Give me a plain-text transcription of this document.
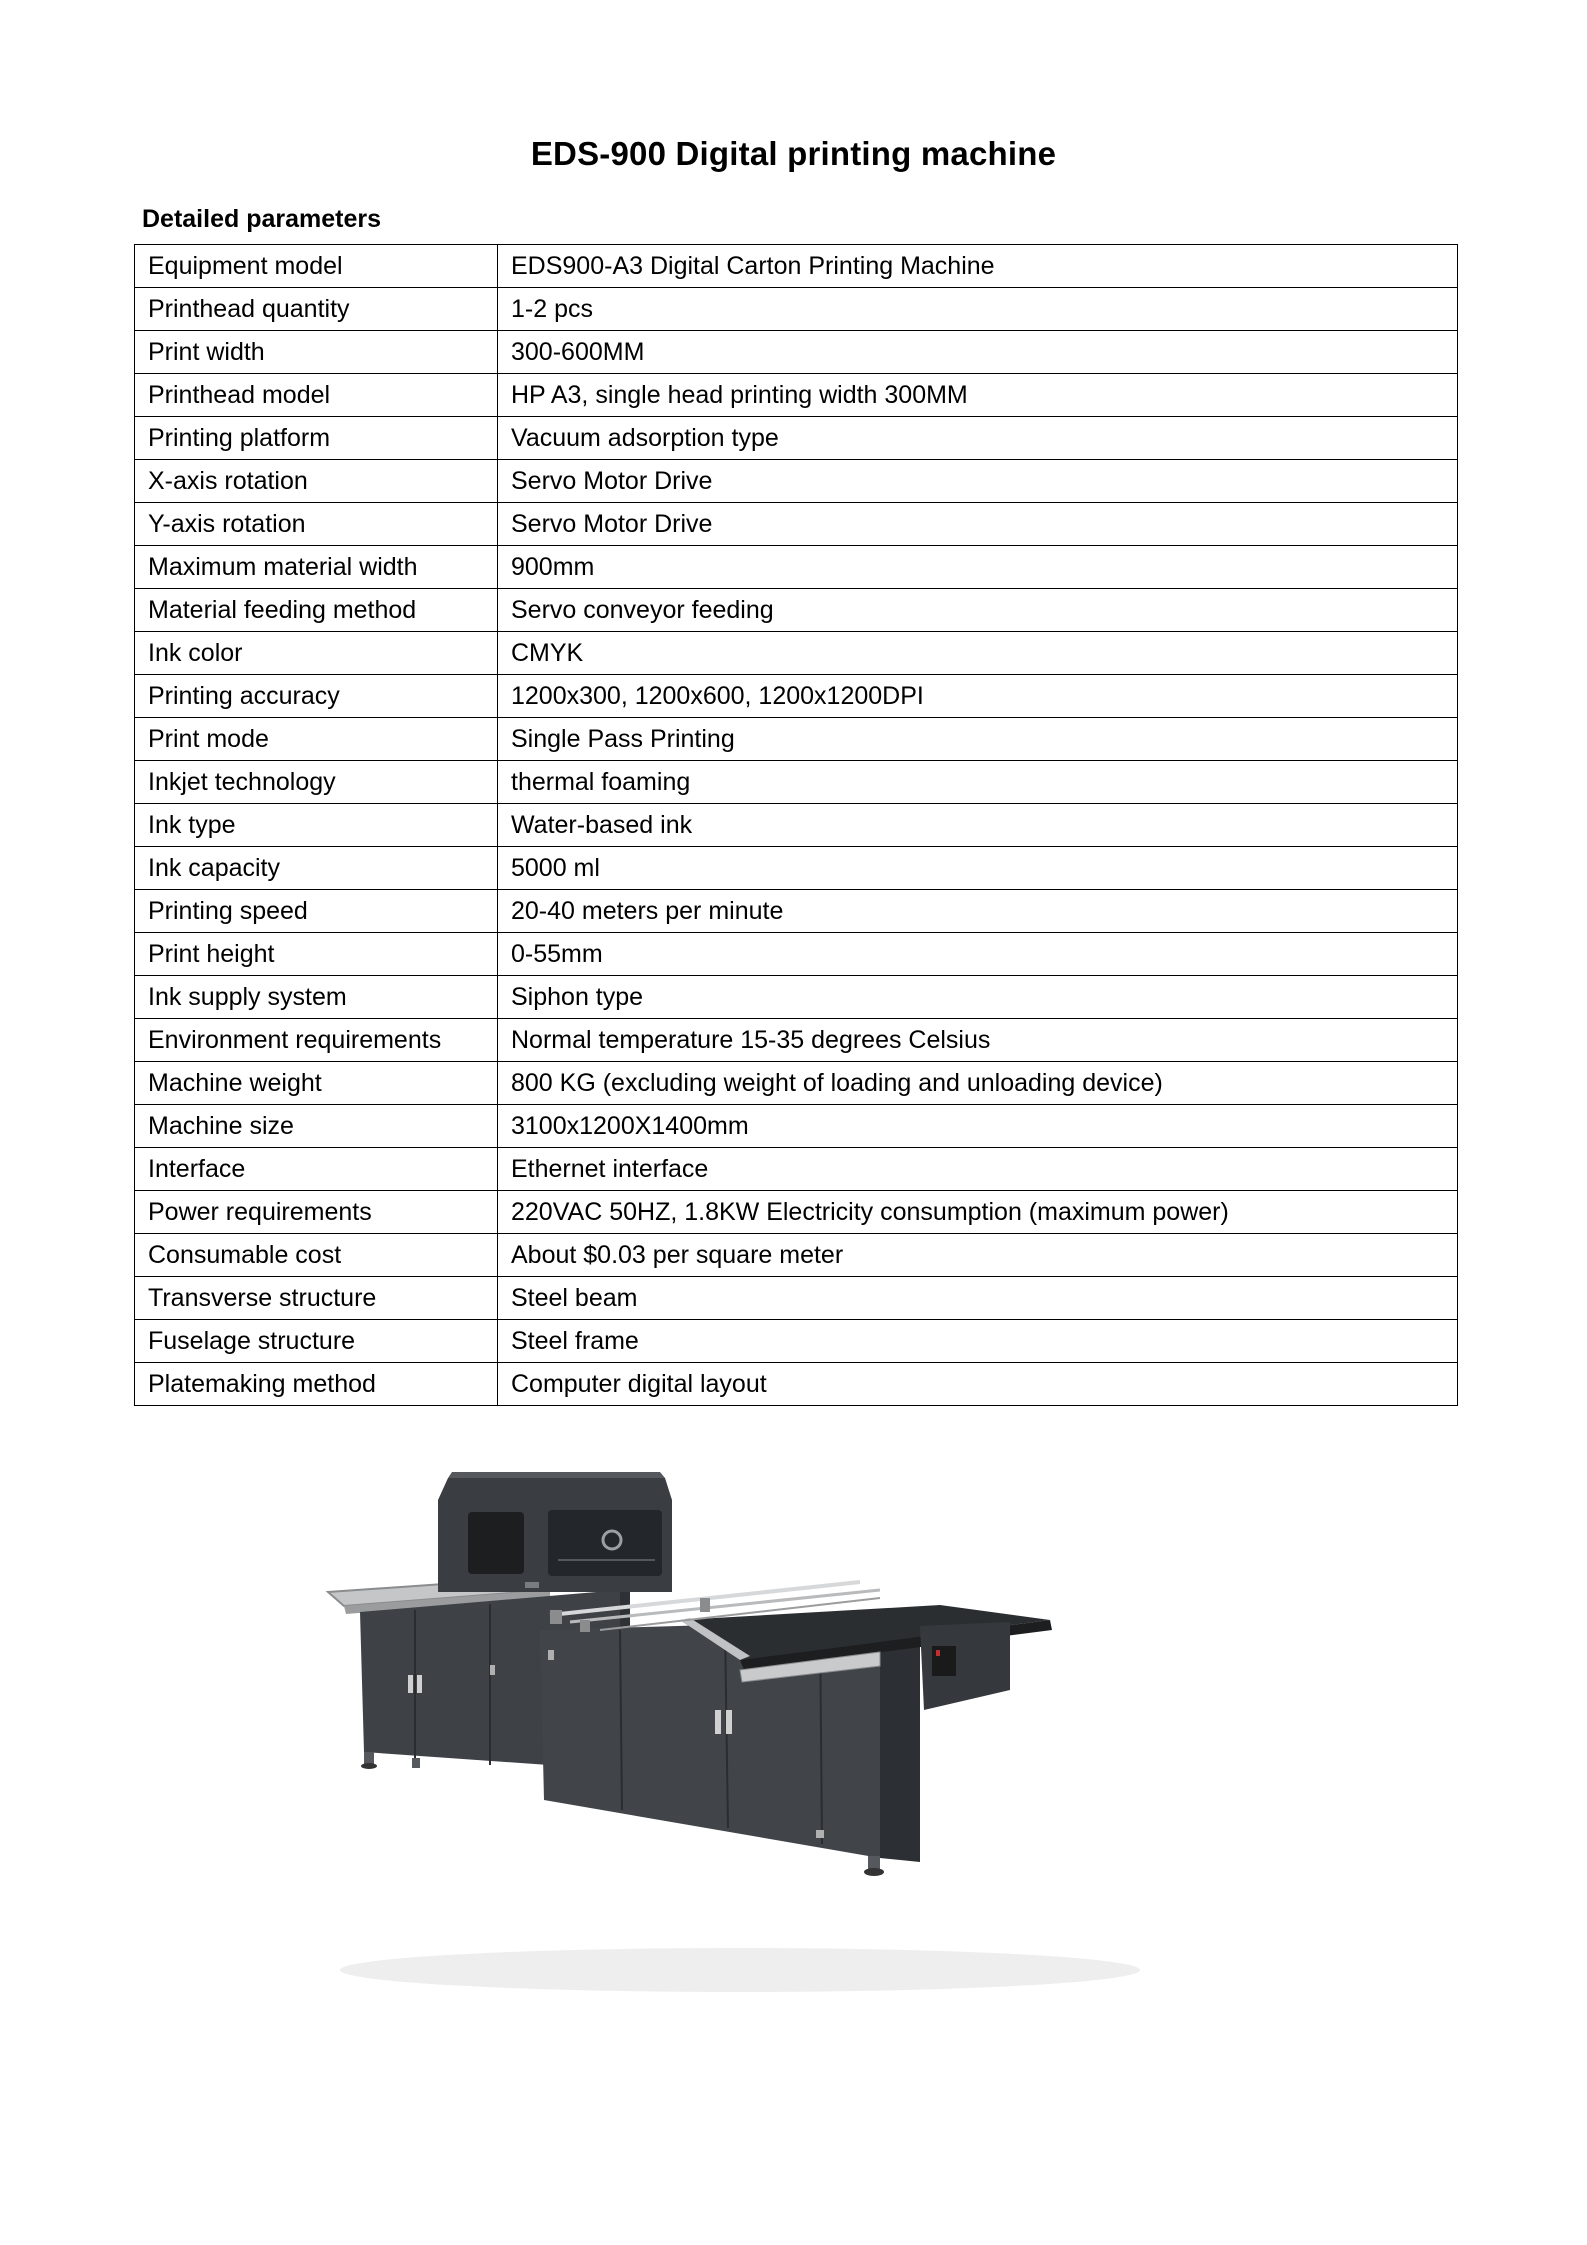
EDS-900 Digital printing machine
Detailed parameters
Equipment model	EDS900-A3 Digital Carton Printing Machine
Printhead quantity	1-2 pcs
Print width	300-600MM
Printhead model	HP A3, single head printing width 300MM
Printing platform	Vacuum adsorption type
X-axis rotation	Servo Motor Drive
Y-axis rotation	Servo Motor Drive
Maximum material width	900mm
Material feeding method	Servo conveyor feeding
Ink color	CMYK
Printing accuracy	1200x300, 1200x600, 1200x1200DPI
Print mode	Single Pass Printing
Inkjet technology	thermal foaming
Ink type	Water-based ink
Ink capacity	5000 ml
Printing speed	20-40 meters per minute
Print height	0-55mm
Ink supply system	Siphon type
Environment requirements	Normal temperature 15-35 degrees Celsius
Machine weight	800 KG (excluding weight of loading and unloading device)
Machine size	3100x1200X1400mm
Interface	Ethernet interface
Power requirements	220VAC 50HZ, 1.8KW Electricity consumption (maximum power)
Consumable cost	About $0.03 per square meter
Transverse structure	Steel beam
Fuselage structure	Steel frame
Platemaking method	Computer digital layout
